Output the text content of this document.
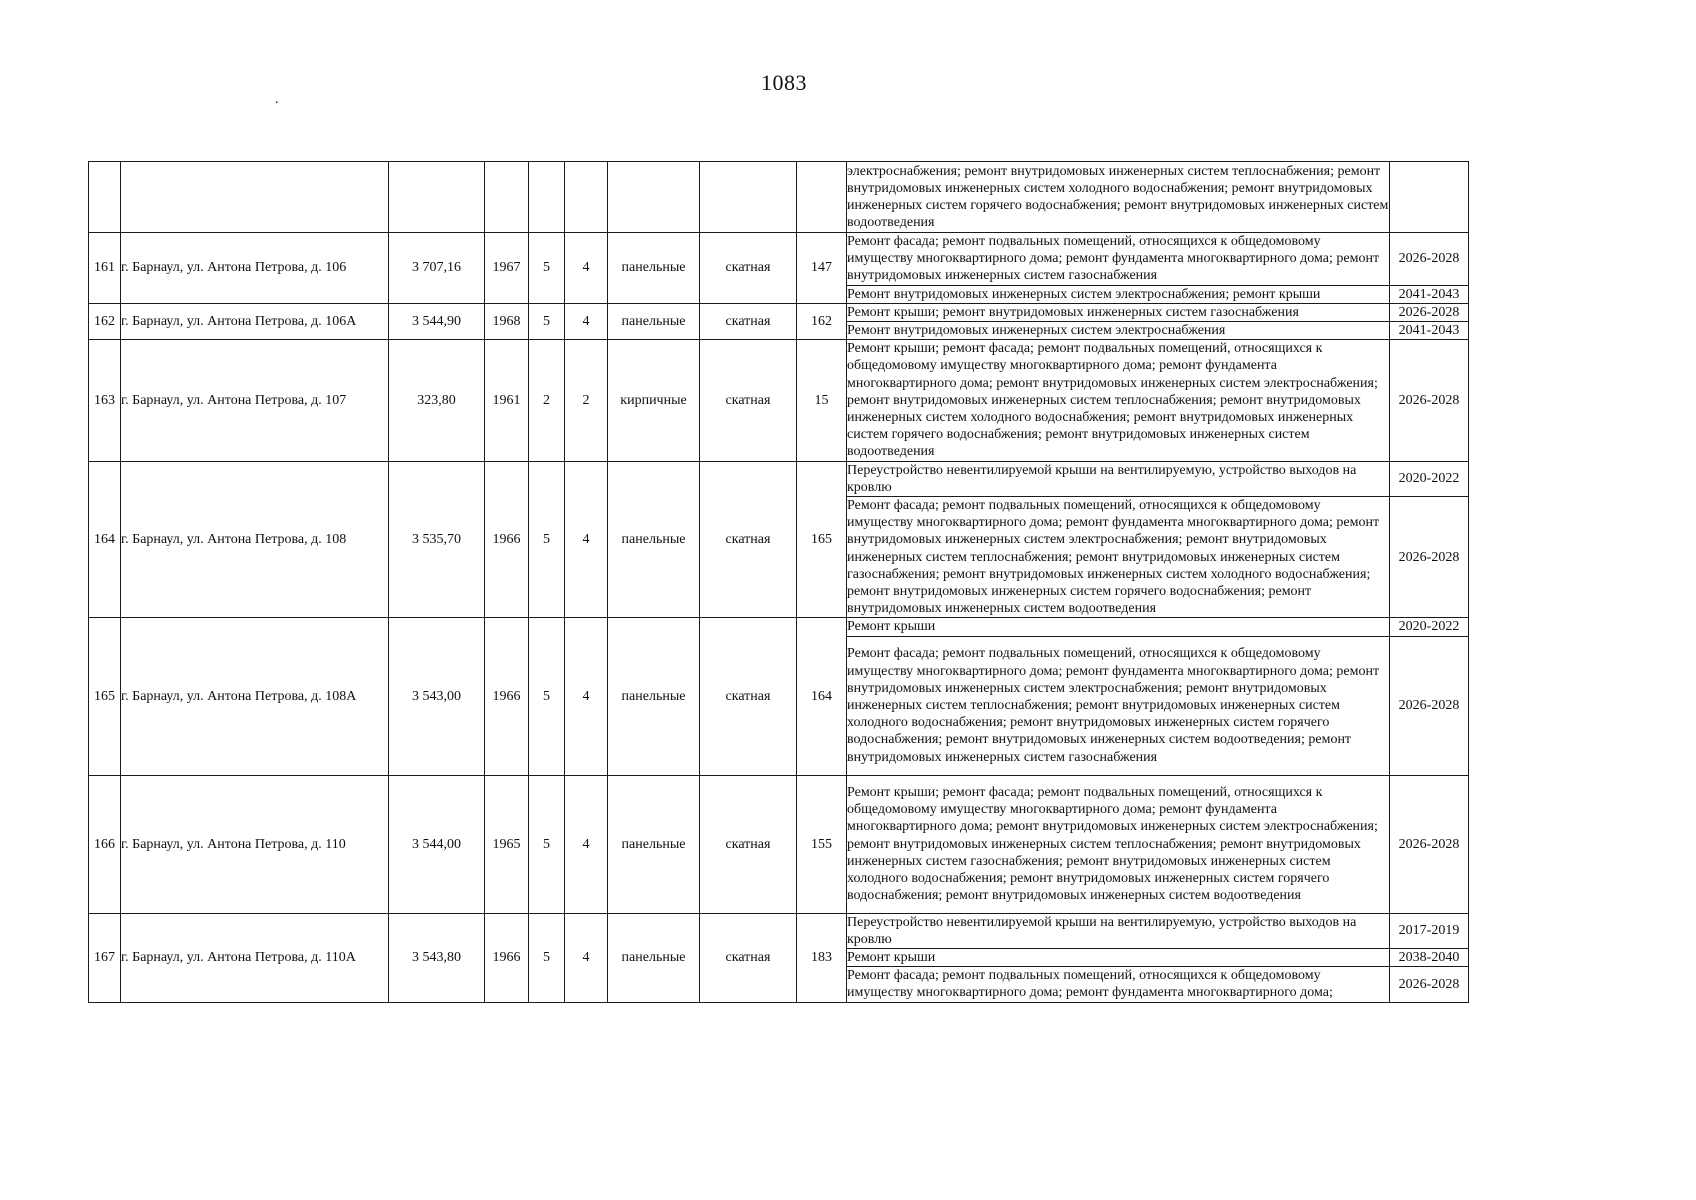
1083
.
									электроснабжения; ремонт внутридомовых инженерных систем теплоснабжения; ремонт внутридомовых инженерных систем холодного водоснабжения; ремонт внутридомовых инженерных систем горячего водоснабжения; ремонт внутридомовых инженерных систем водоотведения	
161	г. Барнаул, ул. Антона Петрова, д. 106	3 707,16	1967	5	4	панельные	скатная	147	Ремонт фасада; ремонт подвальных помещений, относящихся к общедомовому имуществу многоквартирного дома; ремонт фундамента многоквартирного дома; ремонт внутридомовых инженерных систем газоснабжения	2026-2028
									Ремонт внутридомовых инженерных систем электроснабжения; ремонт крыши	2041-2043
162	г. Барнаул, ул. Антона Петрова, д. 106А	3 544,90	1968	5	4	панельные	скатная	162	Ремонт крыши; ремонт внутридомовых инженерных систем газоснабжения	2026-2028
									Ремонт внутридомовых инженерных систем электроснабжения	2041-2043
163	г. Барнаул, ул. Антона Петрова, д. 107	323,80	1961	2	2	кирпичные	скатная	15	Ремонт крыши; ремонт фасада; ремонт подвальных помещений, относящихся к общедомовому имуществу многоквартирного дома; ремонт фундамента многоквартирного дома; ремонт внутридомовых инженерных систем электроснабжения; ремонт внутридомовых инженерных систем теплоснабжения; ремонт внутридомовых инженерных систем холодного водоснабжения; ремонт внутридомовых инженерных систем горячего водоснабжения; ремонт внутридомовых инженерных систем водоотведения	2026-2028
164	г. Барнаул, ул. Антона Петрова, д. 108	3 535,70	1966	5	4	панельные	скатная	165	Переустройство невентилируемой крыши на вентилируемую, устройство выходов на кровлю	2020-2022
									Ремонт фасада; ремонт подвальных помещений, относящихся к общедомовому имуществу многоквартирного дома; ремонт фундамента многоквартирного дома; ремонт внутридомовых инженерных систем электроснабжения; ремонт внутридомовых инженерных систем теплоснабжения; ремонт внутридомовых инженерных систем газоснабжения; ремонт внутридомовых инженерных систем холодного водоснабжения; ремонт внутридомовых инженерных систем горячего водоснабжения; ремонт внутридомовых инженерных систем водоотведения	2026-2028
165	г. Барнаул, ул. Антона Петрова, д. 108А	3 543,00	1966	5	4	панельные	скатная	164	Ремонт крыши	2020-2022
									Ремонт фасада; ремонт подвальных помещений, относящихся к общедомовому имуществу многоквартирного дома; ремонт фундамента многоквартирного дома; ремонт внутридомовых инженерных систем электроснабжения; ремонт внутридомовых инженерных систем теплоснабжения; ремонт внутридомовых инженерных систем холодного водоснабжения; ремонт внутридомовых инженерных систем горячего водоснабжения; ремонт внутридомовых инженерных систем водоотведения; ремонт внутридомовых инженерных систем газоснабжения	2026-2028
166	г. Барнаул, ул. Антона Петрова, д. 110	3 544,00	1965	5	4	панельные	скатная	155	Ремонт крыши; ремонт фасада; ремонт подвальных помещений, относящихся к общедомовому имуществу многоквартирного дома; ремонт фундамента многоквартирного дома; ремонт внутридомовых инженерных систем электроснабжения; ремонт внутридомовых инженерных систем теплоснабжения; ремонт внутридомовых инженерных систем газоснабжения; ремонт внутридомовых инженерных систем холодного водоснабжения; ремонт внутридомовых инженерных систем горячего водоснабжения; ремонт внутридомовых инженерных систем водоотведения	2026-2028
167	г. Барнаул, ул. Антона Петрова, д. 110А	3 543,80	1966	5	4	панельные	скатная	183	Переустройство невентилируемой крыши на вентилируемую, устройство выходов на кровлю	2017-2019
									Ремонт крыши	2038-2040
									Ремонт фасада; ремонт подвальных помещений, относящихся к общедомовому имуществу многоквартирного дома; ремонт фундамента многоквартирного дома;	2026-2028
